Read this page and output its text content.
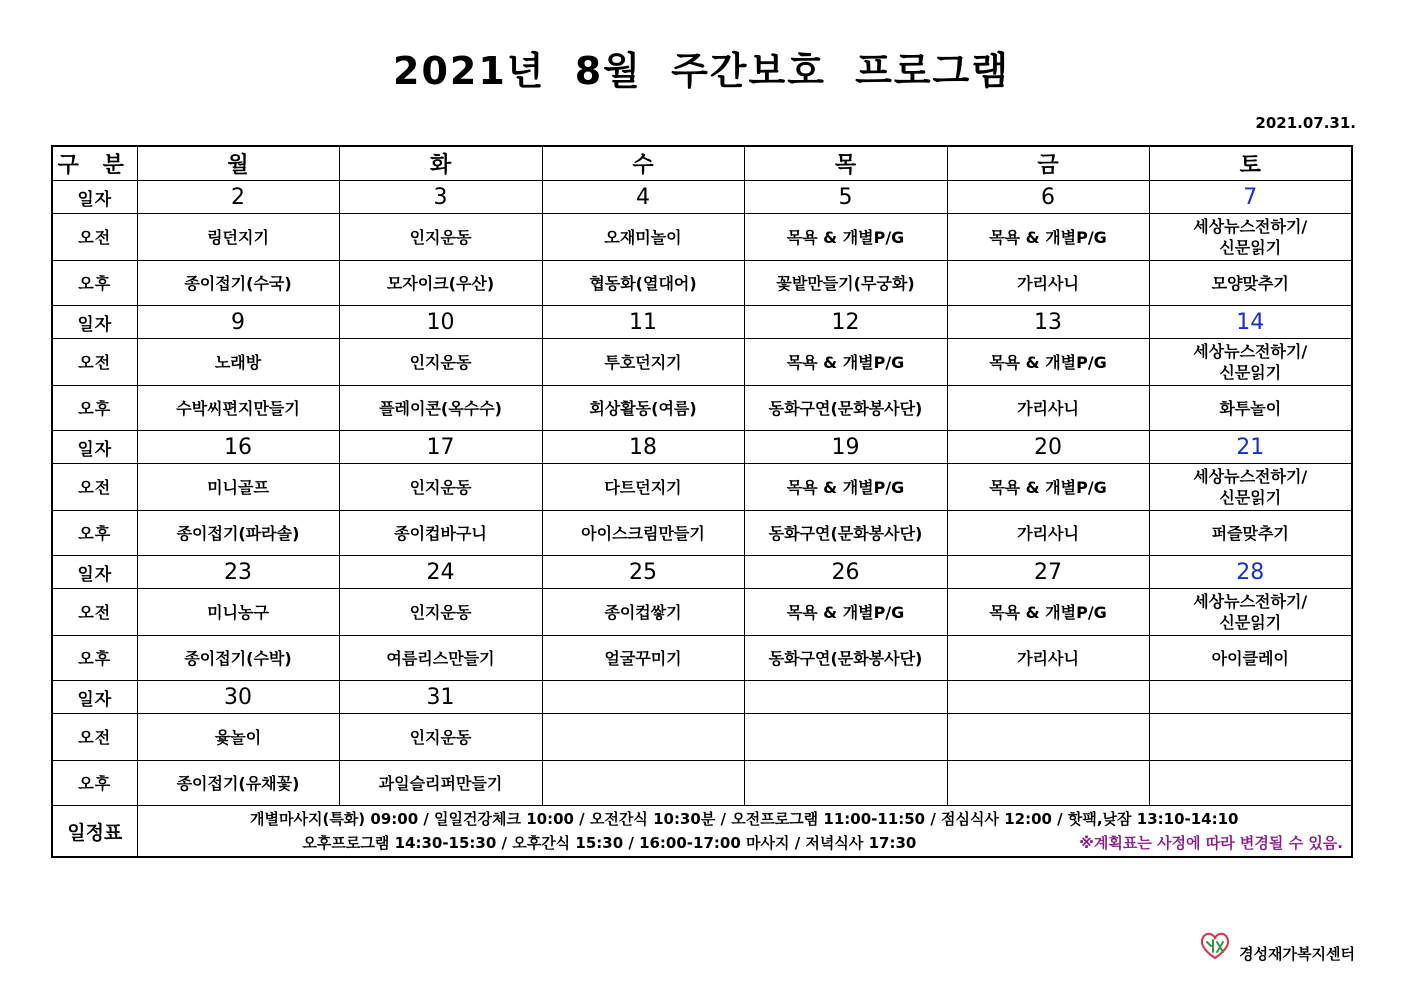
2021년 8월 주간보호 프로그램
2021.07.31.
구 분	월	화	수	목	금	토
일자	2	3	4	5	6	7
오전	링던지기	인지운동	오재미놀이	목욕 & 개별P/G	목욕 & 개별P/G	세상뉴스전하기/
신문읽기

오후	종이접기(수국)	모자이크(우산)	협동화(열대어)	꽃밭만들기(무궁화)	가리사니	모양맞추기
일자	9	10	11	12	13	14
오전	노래방	인지운동	투호던지기	목욕 & 개별P/G	목욕 & 개별P/G	세상뉴스전하기/
신문읽기

오후	수박씨편지만들기	플레이콘(옥수수)	회상활동(여름)	동화구연(문화봉사단)	가리사니	화투놀이
일자	16	17	18	19	20	21
오전	미니골프	인지운동	다트던지기	목욕 & 개별P/G	목욕 & 개별P/G	세상뉴스전하기/
신문읽기

오후	종이접기(파라솔)	종이컵바구니	아이스크림만들기	동화구연(문화봉사단)	가리사니	퍼즐맞추기
일자	23	24	25	26	27	28
오전	미니농구	인지운동	종이컵쌓기	목욕 & 개별P/G	목욕 & 개별P/G	세상뉴스전하기/
신문읽기

오후	종이접기(수박)	여름리스만들기	얼굴꾸미기	동화구연(문화봉사단)	가리사니	아이클레이
일자	30	31				
오전	윷놀이	인지운동				
오후	종이접기(유채꽃)	과일슬리퍼만들기				
일정표	개별마사지(특화) 09:00 / 일일건강체크 10:00 / 오전간식 10:30분 / 오전프로그램 11:00-11:50 / 점심식사 12:00 / 핫팩,낮잠 13:10-14:10
오후프로그램 14:30-15:30 / 오후간식 15:30 / 16:00-17:00 마사지 / 저녁식사 17:30 ※계획표는 사정에 따라 변경될 수 있음.					
경성재가복지센터
